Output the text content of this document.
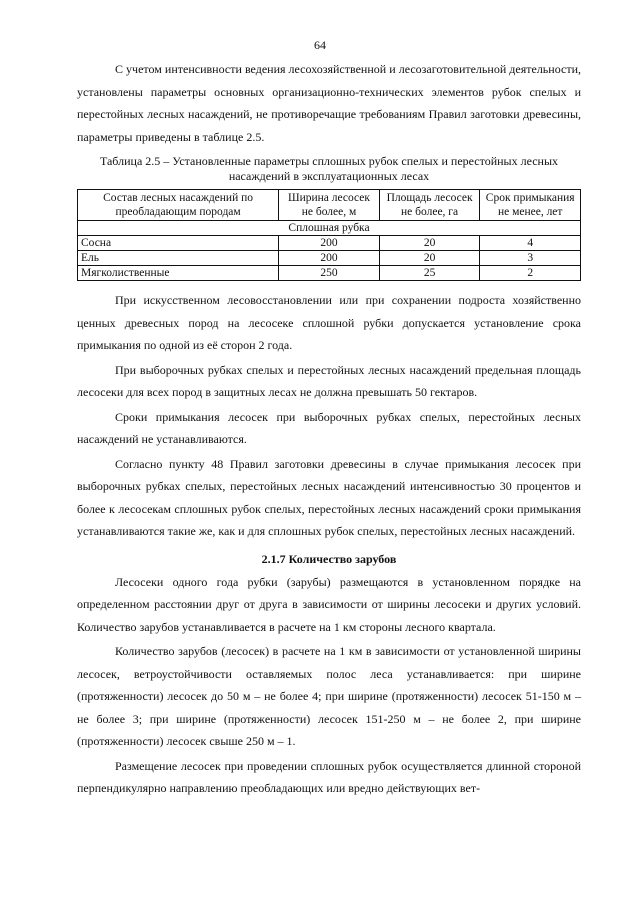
64

С учетом интенсивности ведения лесохозяйственной и лесозаготовительной деятельности, установлены параметры основных организационно-технических элементов рубок спелых и перестойных лесных насаждений, не противоречащие требованиям Правил заготовки древесины, параметры приведены в таблице 2.5.

Таблица 2.5 – Установленные параметры сплошных рубок спелых и перестойных лесных насаждений в эксплуатационных лесах
Состав лесных насаждений по преобладающим породам	Ширина лесосек не более, м	Площадь лесосек не более, га	Срок примыкания не менее, лет
Сплошная рубка			
Сосна	200	20	4
Ель	200	20	3
Мягколиственные	250	25	2

При искусственном лесовосстановлении или при сохранении подроста хозяйственно ценных древесных пород на лесосеке сплошной рубки допускается установление срока примыкания по одной из её сторон 2 года.

При выборочных рубках спелых и перестойных лесных насаждений предельная площадь лесосеки для всех пород в защитных лесах не должна превышать 50 гектаров.

Сроки примыкания лесосек при выборочных рубках спелых, перестойных лесных насаждений не устанавливаются.

Согласно пункту 48 Правил заготовки древесины в случае примыкания лесосек при выборочных рубках спелых, перестойных лесных насаждений интенсивностью 30 процентов и более к лесосекам сплошных рубок спелых, перестойных лесных насаждений сроки примыкания устанавливаются такие же, как и для сплошных рубок спелых, перестойных лесных насаждений.

2.1.7 Количество зарубов

Лесосеки одного года рубки (зарубы) размещаются в установленном порядке на определенном расстоянии друг от друга в зависимости от ширины лесосеки и других условий. Количество зарубов устанавливается в расчете на 1 км стороны лесного квартала.

Количество зарубов (лесосек) в расчете на 1 км в зависимости от установленной ширины лесосек, ветроустойчивости оставляемых полос леса устанавливается: при ширине (протяженности) лесосек до 50 м – не более 4; при ширине (протяженности) лесосек 51-150 м – не более 3; при ширине (протяженности) лесосек 151-250 м – не более 2, при ширине (протяженности) лесосек свыше 250 м – 1.

Размещение лесосек при проведении сплошных рубок осуществляется длинной стороной перпендикулярно направлению преобладающих или вредно действующих вет-
